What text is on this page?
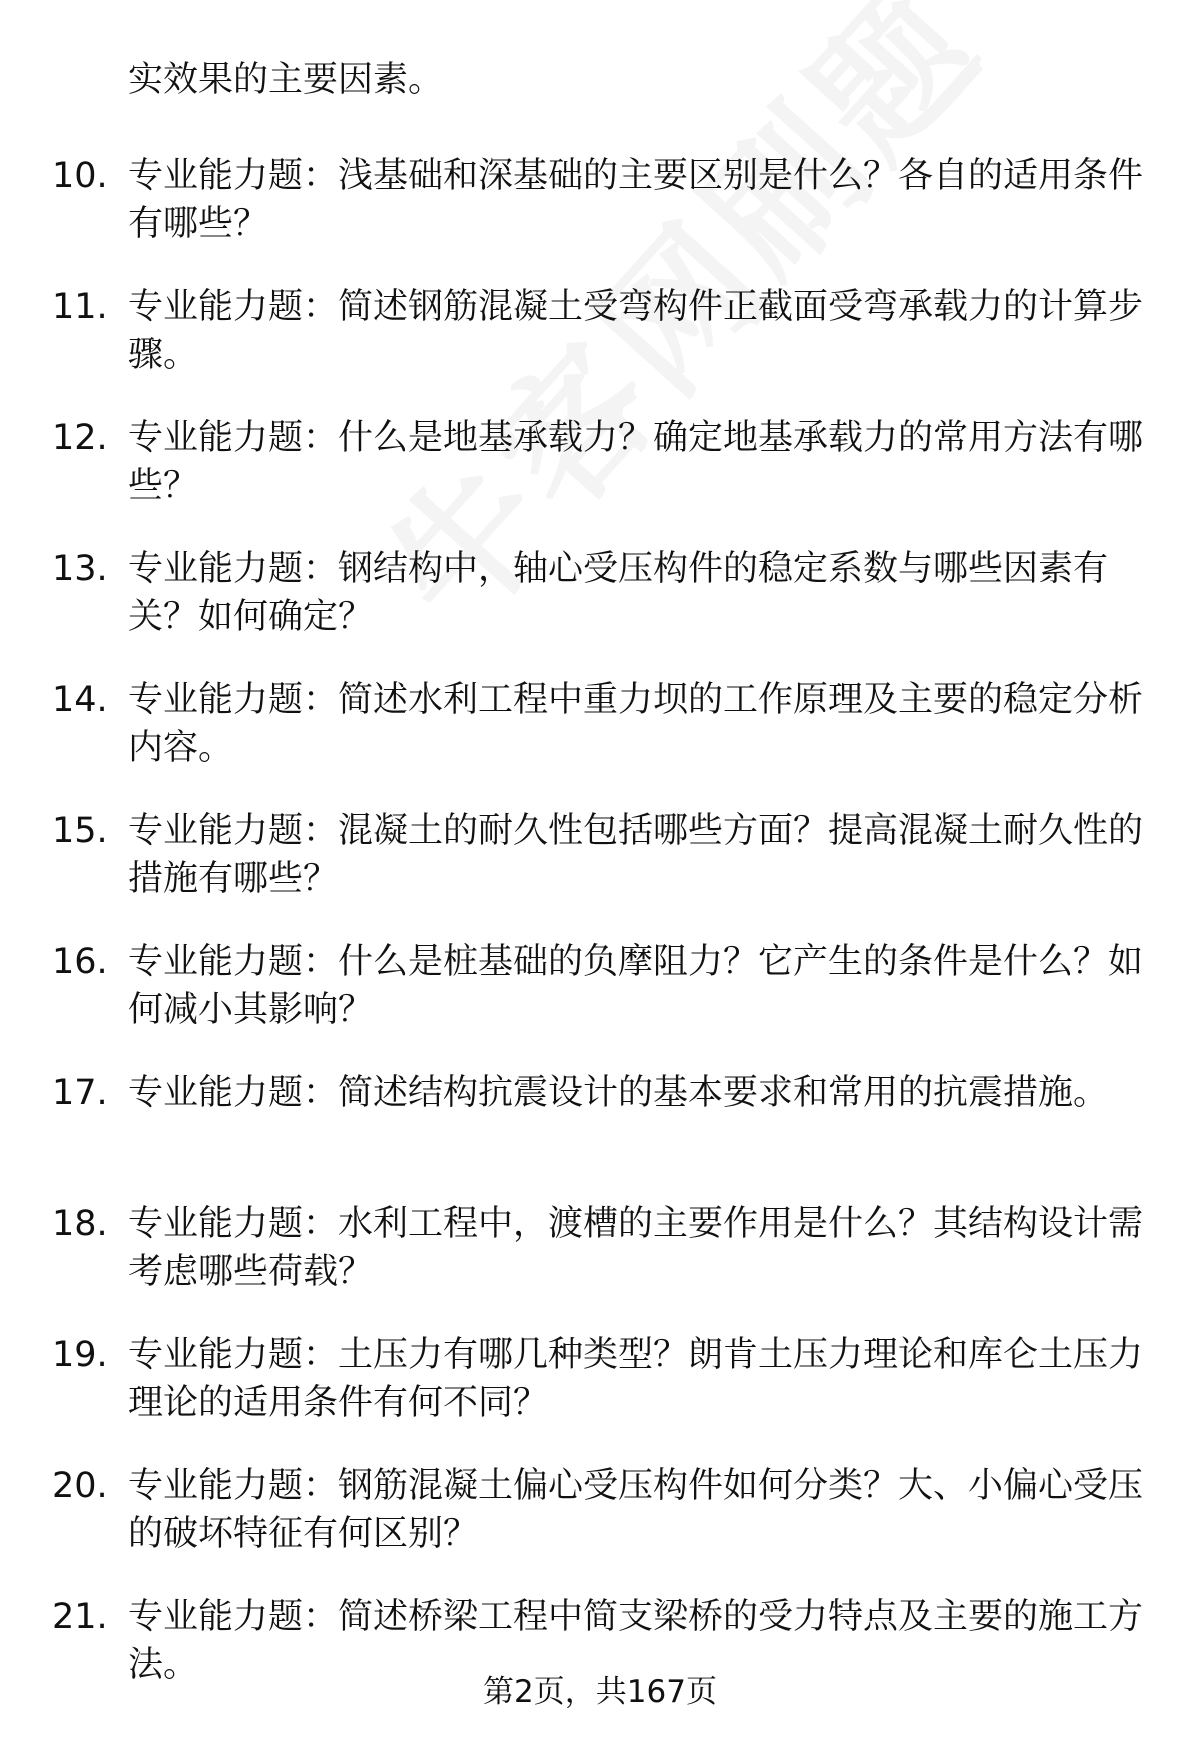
实效果的主要因素。

10. 专业能力题：浅基础和深基础的主要区别是什么？各自的适用条件有哪些？
11. 专业能力题：简述钢筋混凝土受弯构件正截面受弯承载力的计算步骤。
12. 专业能力题：什么是地基承载力？确定地基承载力的常用方法有哪些？
13. 专业能力题：钢结构中，轴心受压构件的稳定系数与哪些因素有关？如何确定？
14. 专业能力题：简述水利工程中重力坝的工作原理及主要的稳定分析内容。
15. 专业能力题：混凝土的耐久性包括哪些方面？提高混凝土耐久性的措施有哪些？
16. 专业能力题：什么是桩基础的负摩阻力？它产生的条件是什么？如何减小其影响？
17. 专业能力题：简述结构抗震设计的基本要求和常用的抗震措施。
18. 专业能力题：水利工程中，渡槽的主要作用是什么？其结构设计需考虑哪些荷载？
19. 专业能力题：土压力有哪几种类型？朗肯土压力理论和库仑土压力理论的适用条件有何不同？
20. 专业能力题：钢筋混凝土偏心受压构件如何分类？大、小偏心受压的破坏特征有何区别？
21. 专业能力题：简述桥梁工程中简支梁桥的受力特点及主要的施工方法。
第2页，共167页
